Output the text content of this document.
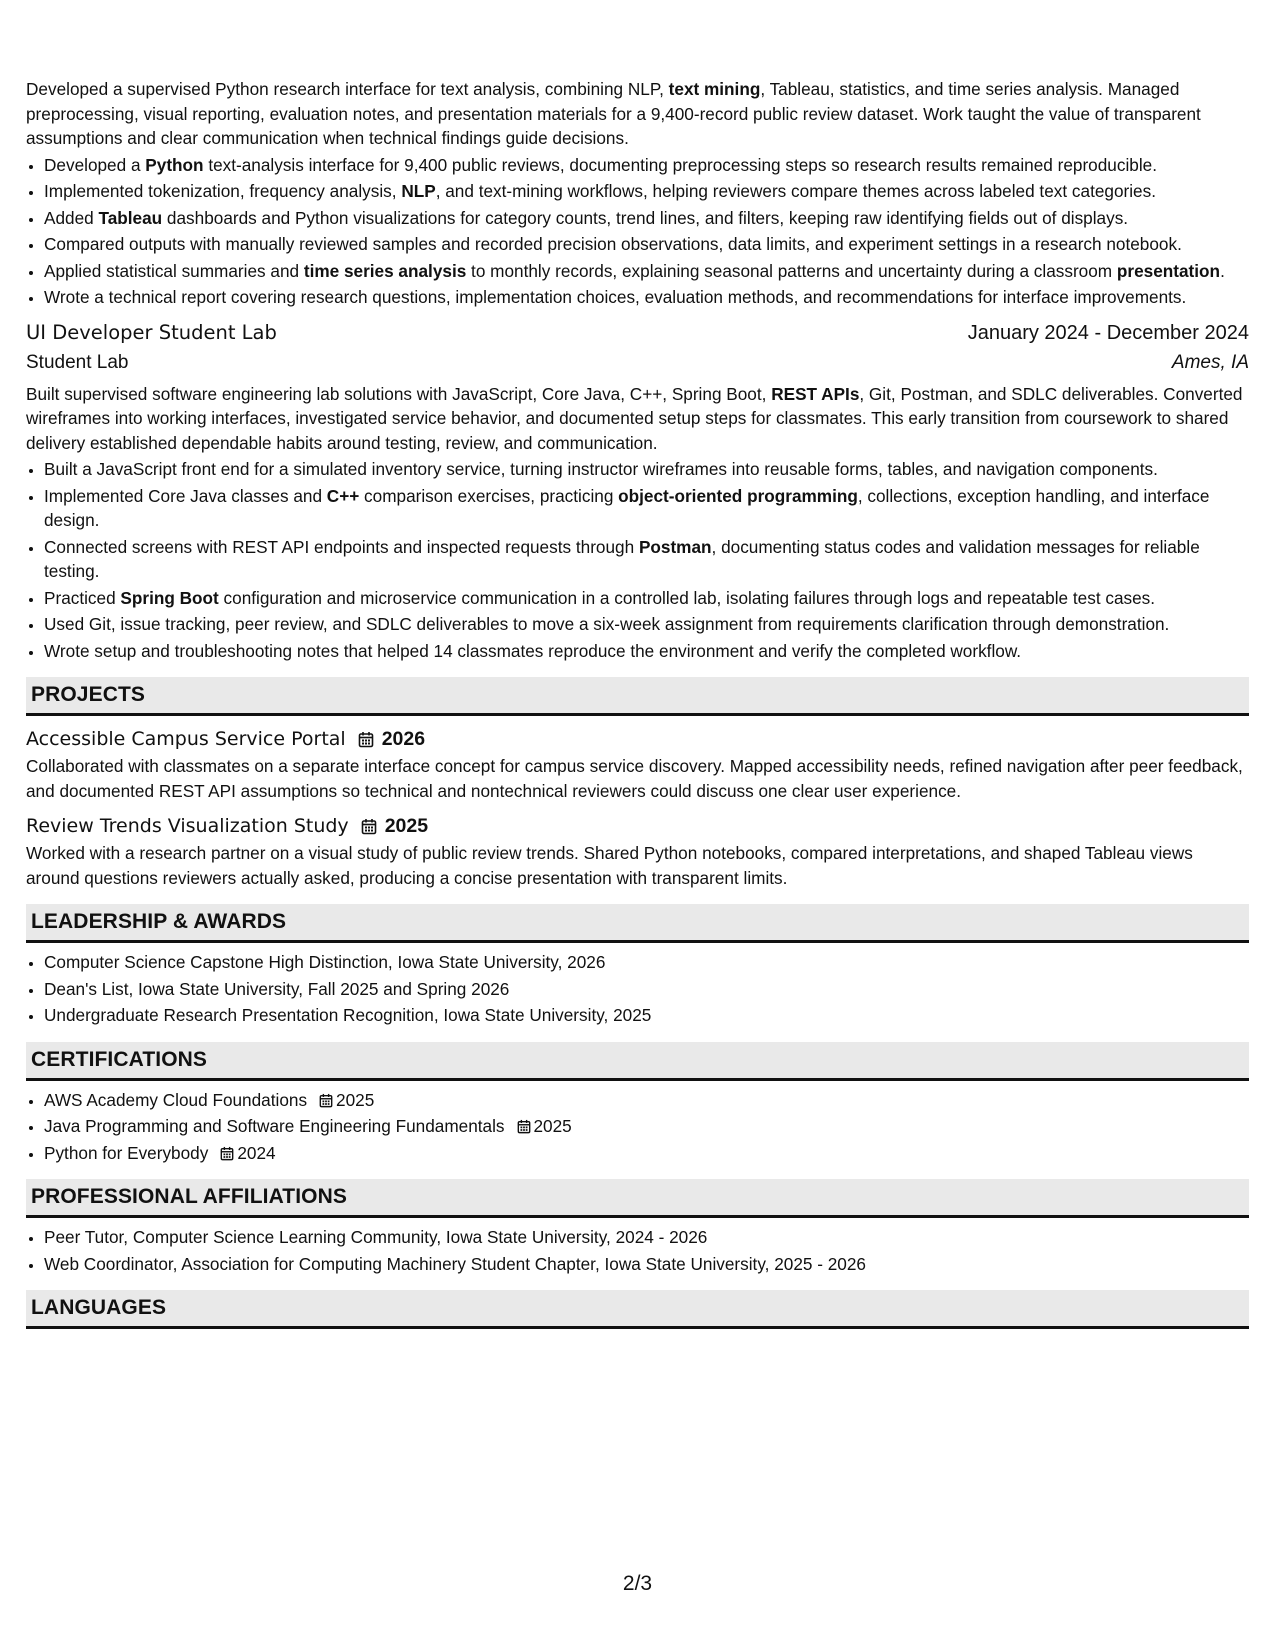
Developed a supervised Python research interface for text analysis, combining NLP, text mining, Tableau, statistics, and time series analysis. Managed preprocessing, visual reporting, evaluation notes, and presentation materials for a 9,400-record public review dataset. Work taught the value of transparent assumptions and clear communication when technical findings guide decisions.

• Developed a Python text-analysis interface for 9,400 public reviews, documenting preprocessing steps so research results remained reproducible.
• Implemented tokenization, frequency analysis, NLP, and text-mining workflows, helping reviewers compare themes across labeled text categories.
• Added Tableau dashboards and Python visualizations for category counts, trend lines, and filters, keeping raw identifying fields out of displays.
• Compared outputs with manually reviewed samples and recorded precision observations, data limits, and experiment settings in a research notebook.
• Applied statistical summaries and time series analysis to monthly records, explaining seasonal patterns and uncertainty during a classroom presentation.
• Wrote a technical report covering research questions, implementation choices, evaluation methods, and recommendations for interface improvements.
UI Developer Student Lab	January 2024 - December 2024
Student Lab	Ames, IA

Built supervised software engineering lab solutions with JavaScript, Core Java, C++, Spring Boot, REST APIs, Git, Postman, and SDLC deliverables. Converted wireframes into working interfaces, investigated service behavior, and documented setup steps for classmates. This early transition from coursework to shared delivery established dependable habits around testing, review, and communication.

• Built a JavaScript front end for a simulated inventory service, turning instructor wireframes into reusable forms, tables, and navigation components.
• Implemented Core Java classes and C++ comparison exercises, practicing object-oriented programming, collections, exception handling, and interface design.
• Connected screens with REST API endpoints and inspected requests through Postman, documenting status codes and validation messages for reliable testing.
• Practiced Spring Boot configuration and microservice communication in a controlled lab, isolating failures through logs and repeatable test cases.
• Used Git, issue tracking, peer review, and SDLC deliverables to move a six-week assignment from requirements clarification through demonstration.
• Wrote setup and troubleshooting notes that helped 14 classmates reproduce the environment and verify the completed workflow.
PROJECTS
Accessible Campus Service Portal 2026

Collaborated with classmates on a separate interface concept for campus service discovery. Mapped accessibility needs, refined navigation after peer feedback, and documented REST API assumptions so technical and nontechnical reviewers could discuss one clear user experience.

Review Trends Visualization Study 2025

Worked with a research partner on a visual study of public review trends. Shared Python notebooks, compared interpretations, and shaped Tableau views around questions reviewers actually asked, producing a concise presentation with transparent limits.

LEADERSHIP & AWARDS
• Computer Science Capstone High Distinction, Iowa State University, 2026
• Dean's List, Iowa State University, Fall 2025 and Spring 2026
• Undergraduate Research Presentation Recognition, Iowa State University, 2025
CERTIFICATIONS
• AWS Academy Cloud Foundations 2025
• Java Programming and Software Engineering Fundamentals 2025
• Python for Everybody 2024
PROFESSIONAL AFFILIATIONS
• Peer Tutor, Computer Science Learning Community, Iowa State University, 2024 - 2026
• Web Coordinator, Association for Computing Machinery Student Chapter, Iowa State University, 2025 - 2026
LANGUAGES
2/3
